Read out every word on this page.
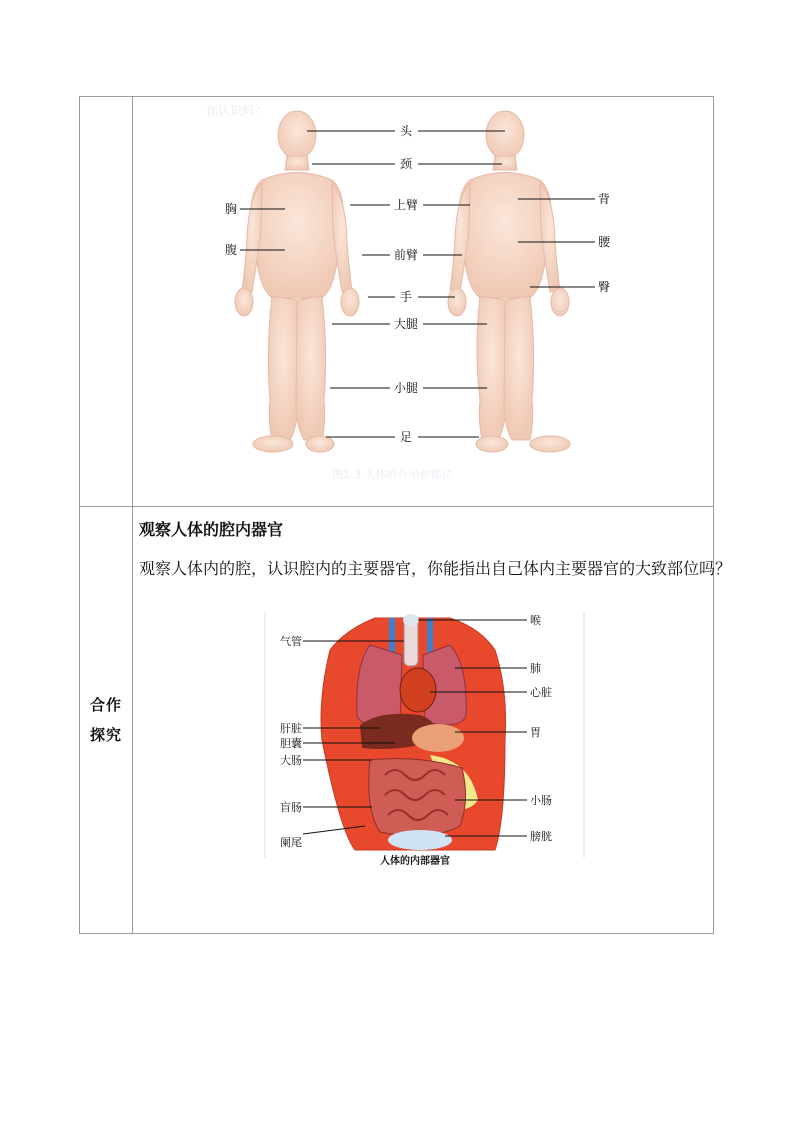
合作
探究
你认识吗？
头
颈
上臂
前臂
手
大腿
小腿
足
胸
腹
背
腰
臀
图1-3 人体的外形和部位
观察人体的腔内器官
观察人体内的腔，认识腔内的主要器官，你能指出自己体内主要器官的大致部位吗？
气管
肝脏
胆囊
大肠
盲肠
阑尾
喉
肺
心脏
胃
小肠
膀胱
人体的内部器官
